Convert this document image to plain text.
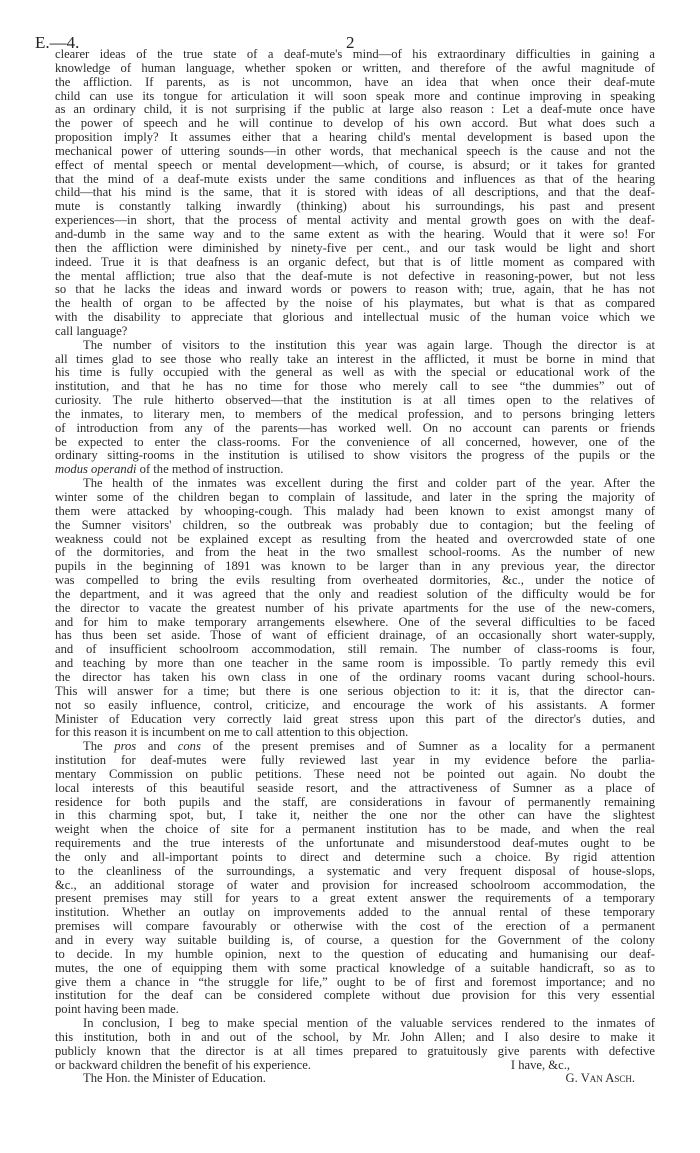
E.—4.	2
clearer ideas of the true state of a deaf-mute's mind—of his extraordinary difficulties in gaining a
knowledge of human language, whether spoken or written, and therefore of the awful magnitude of
the affliction. If parents, as is not uncommon, have an idea that when once their deaf-mute
child can use its tongue for articulation it will soon speak more and continue improving in speaking
as an ordinary child, it is not surprising if the public at large also reason : Let a deaf-mute once have
the power of speech and he will continue to develop of his own accord. But what does such a
proposition imply? It assumes either that a hearing child's mental development is based upon the
mechanical power of uttering sounds—in other words, that mechanical speech is the cause and not the
effect of mental speech or mental development—which, of course, is absurd; or it takes for granted
that the mind of a deaf-mute exists under the same conditions and influences as that of the hearing
child—that his mind is the same, that it is stored with ideas of all descriptions, and that the deaf-
mute is constantly talking inwardly (thinking) about his surroundings, his past and present
experiences—in short, that the process of mental activity and mental growth goes on with the deaf-
and-dumb in the same way and to the same extent as with the hearing. Would that it were so! For
then the affliction were diminished by ninety-five per cent., and our task would be light and short
indeed. True it is that deafness is an organic defect, but that is of little moment as compared with
the mental affliction; true also that the deaf-mute is not defective in reasoning-power, but not less
so that he lacks the ideas and inward words or powers to reason with; true, again, that he has not
the health of organ to be affected by the noise of his playmates, but what is that as compared
with the disability to appreciate that glorious and intellectual music of the human voice which we
call language?
The number of visitors to the institution this year was again large. Though the director is at
all times glad to see those who really take an interest in the afflicted, it must be borne in mind that
his time is fully occupied with the general as well as with the special or educational work of the
institution, and that he has no time for those who merely call to see “the dummies” out of
curiosity. The rule hitherto observed—that the institution is at all times open to the relatives of
the inmates, to literary men, to members of the medical profession, and to persons bringing letters
of introduction from any of the parents—has worked well. On no account can parents or friends
be expected to enter the class-rooms. For the convenience of all concerned, however, one of the
ordinary sitting-rooms in the institution is utilised to show visitors the progress of the pupils or the
modus operandi of the method of instruction.
The health of the inmates was excellent during the first and colder part of the year. After the
winter some of the children began to complain of lassitude, and later in the spring the majority of
them were attacked by whooping-cough. This malady had been known to exist amongst many of
the Sumner visitors' children, so the outbreak was probably due to contagion; but the feeling of
weakness could not be explained except as resulting from the heated and overcrowded state of one
of the dormitories, and from the heat in the two smallest school-rooms. As the number of new
pupils in the beginning of 1891 was known to be larger than in any previous year, the director
was compelled to bring the evils resulting from overheated dormitories, &c., under the notice of
the department, and it was agreed that the only and readiest solution of the difficulty would be for
the director to vacate the greatest number of his private apartments for the use of the new-comers,
and for him to make temporary arrangements elsewhere. One of the several difficulties to be faced
has thus been set aside. Those of want of efficient drainage, of an occasionally short water-supply,
and of insufficient schoolroom accommodation, still remain. The number of class-rooms is four,
and teaching by more than one teacher in the same room is impossible. To partly remedy this evil
the director has taken his own class in one of the ordinary rooms vacant during school-hours.
This will answer for a time; but there is one serious objection to it: it is, that the director can-
not so easily influence, control, criticize, and encourage the work of his assistants. A former
Minister of Education very correctly laid great stress upon this part of the director's duties, and
for this reason it is incumbent on me to call attention to this objection.
The pros and cons of the present premises and of Sumner as a locality for a permanent
institution for deaf-mutes were fully reviewed last year in my evidence before the parlia-
mentary Commission on public petitions. These need not be pointed out again. No doubt the
local interests of this beautiful seaside resort, and the attractiveness of Sumner as a place of
residence for both pupils and the staff, are considerations in favour of permanently remaining
in this charming spot, but, I take it, neither the one nor the other can have the slightest
weight when the choice of site for a permanent institution has to be made, and when the real
requirements and the true interests of the unfortunate and misunderstood deaf-mutes ought to be
the only and all-important points to direct and determine such a choice. By rigid attention
to the cleanliness of the surroundings, a systematic and very frequent disposal of house-slops,
&c., an additional storage of water and provision for increased schoolroom accommodation, the
present premises may still for years to a great extent answer the requirements of a temporary
institution. Whether an outlay on improvements added to the annual rental of these temporary
premises will compare favourably or otherwise with the cost of the erection of a permanent
and in every way suitable building is, of course, a question for the Government of the colony
to decide. In my humble opinion, next to the question of educating and humanising our deaf-
mutes, the one of equipping them with some practical knowledge of a suitable handicraft, so as to
give them a chance in “the struggle for life,” ought to be of first and foremost importance; and no
institution for the deaf can be considered complete without due provision for this very essential
point having been made.
In conclusion, I beg to make special mention of the valuable services rendered to the inmates of
this institution, both in and out of the school, by Mr. John Allen; and I also desire to make it
publicly known that the director is at all times prepared to gratuitously give parents with defective
or backward children the benefit of his experience.	I have, &c.,
The Hon. the Minister of Education.	G. Van Asch.
